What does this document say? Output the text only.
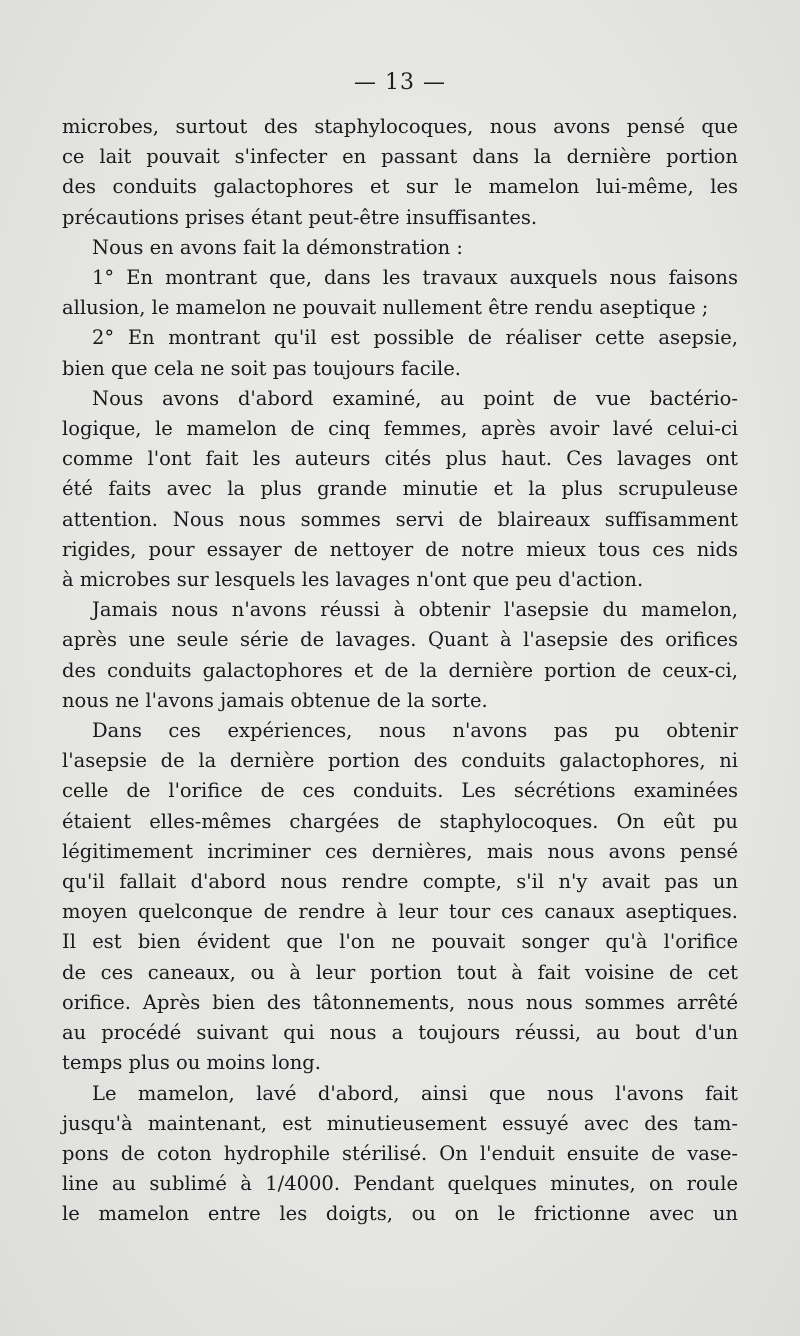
— 13 —

microbes, surtout des staphylocoques, nous avons pensé que

ce lait pouvait s'infecter en passant dans la dernière portion

des conduits galactophores et sur le mamelon lui-même, les

précautions prises étant peut-être insuffisantes.

Nous en avons fait la démonstration :

1° En montrant que, dans les travaux auxquels nous faisons

allusion, le mamelon ne pouvait nullement être rendu aseptique ;

2° En montrant qu'il est possible de réaliser cette asepsie,

bien que cela ne soit pas toujours facile.

Nous avons d'abord examiné, au point de vue bactério-

logique, le mamelon de cinq femmes, après avoir lavé celui-ci

comme l'ont fait les auteurs cités plus haut. Ces lavages ont

été faits avec la plus grande minutie et la plus scrupuleuse

attention. Nous nous sommes servi de blaireaux suffisamment

rigides, pour essayer de nettoyer de notre mieux tous ces nids

à microbes sur lesquels les lavages n'ont que peu d'action.

Jamais nous n'avons réussi à obtenir l'asepsie du mamelon,

après une seule série de lavages. Quant à l'asepsie des orifices

des conduits galactophores et de la dernière portion de ceux-ci,

nous ne l'avons jamais obtenue de la sorte.

Dans ces expériences, nous n'avons pas pu obtenir

l'asepsie de la dernière portion des conduits galactophores, ni

celle de l'orifice de ces conduits. Les sécrétions examinées

étaient elles-mêmes chargées de staphylocoques. On eût pu

légitimement incriminer ces dernières, mais nous avons pensé

qu'il fallait d'abord nous rendre compte, s'il n'y avait pas un

moyen quelconque de rendre à leur tour ces canaux aseptiques.

Il est bien évident que l'on ne pouvait songer qu'à l'orifice

de ces caneaux, ou à leur portion tout à fait voisine de cet

orifice. Après bien des tâtonnements, nous nous sommes arrêté

au procédé suivant qui nous a toujours réussi, au bout d'un

temps plus ou moins long.

Le mamelon, lavé d'abord, ainsi que nous l'avons fait

jusqu'à maintenant, est minutieusement essuyé avec des tam-

pons de coton hydrophile stérilisé. On l'enduit ensuite de vase-

line au sublimé à 1/4000. Pendant quelques minutes, on roule

le mamelon entre les doigts, ou on le frictionne avec un
